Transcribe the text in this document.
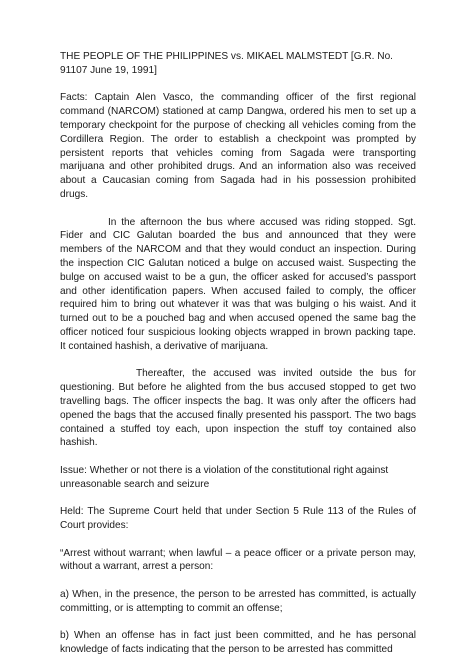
THE PEOPLE OF THE PHILIPPINES vs. MIKAEL MALMSTEDT [G.R. No. 91107 June 19, 1991]

Facts: Captain Alen Vasco, the commanding officer of the first regional command (NARCOM) stationed at camp Dangwa, ordered his men to set up a temporary checkpoint for the purpose of checking all vehicles coming from the Cordillera Region. The order to establish a checkpoint was prompted by persistent reports that vehicles coming from Sagada were transporting marijuana and other prohibited drugs. And an information also was received about a Caucasian coming from Sagada had in his possession prohibited drugs.

In the afternoon the bus where accused was riding stopped. Sgt. Fider and CIC Galutan boarded the bus and announced that they were members of the NARCOM and that they would conduct an inspection. During the inspection CIC Galutan noticed a bulge on accused waist. Suspecting the bulge on accused waist to be a gun, the officer asked for accused’s passport and other identification papers. When accused failed to comply, the officer required him to bring out whatever it was that was bulging o his waist. And it turned out to be a pouched bag and when accused opened the same bag the officer noticed four suspicious looking objects wrapped in brown packing tape. It contained hashish, a derivative of marijuana.

Thereafter, the accused was invited outside the bus for questioning. But before he alighted from the bus accused stopped to get two travelling bags. The officer inspects the bag. It was only after the officers had opened the bags that the accused finally presented his passport. The two bags contained a stuffed toy each, upon inspection the stuff toy contained also hashish.

Issue: Whether or not there is a violation of the constitutional right against unreasonable search and seizure

Held: The Supreme Court held that under Section 5 Rule 113 of the Rules of Court provides:

“Arrest without warrant; when lawful – a peace officer or a private person may, without a warrant, arrest a person:

a) When, in the presence, the person to be arrested has committed, is actually committing, or is attempting to commit an offense;

b) When an offense has in fact just been committed, and he has personal knowledge of facts indicating that the person to be arrested has committed
